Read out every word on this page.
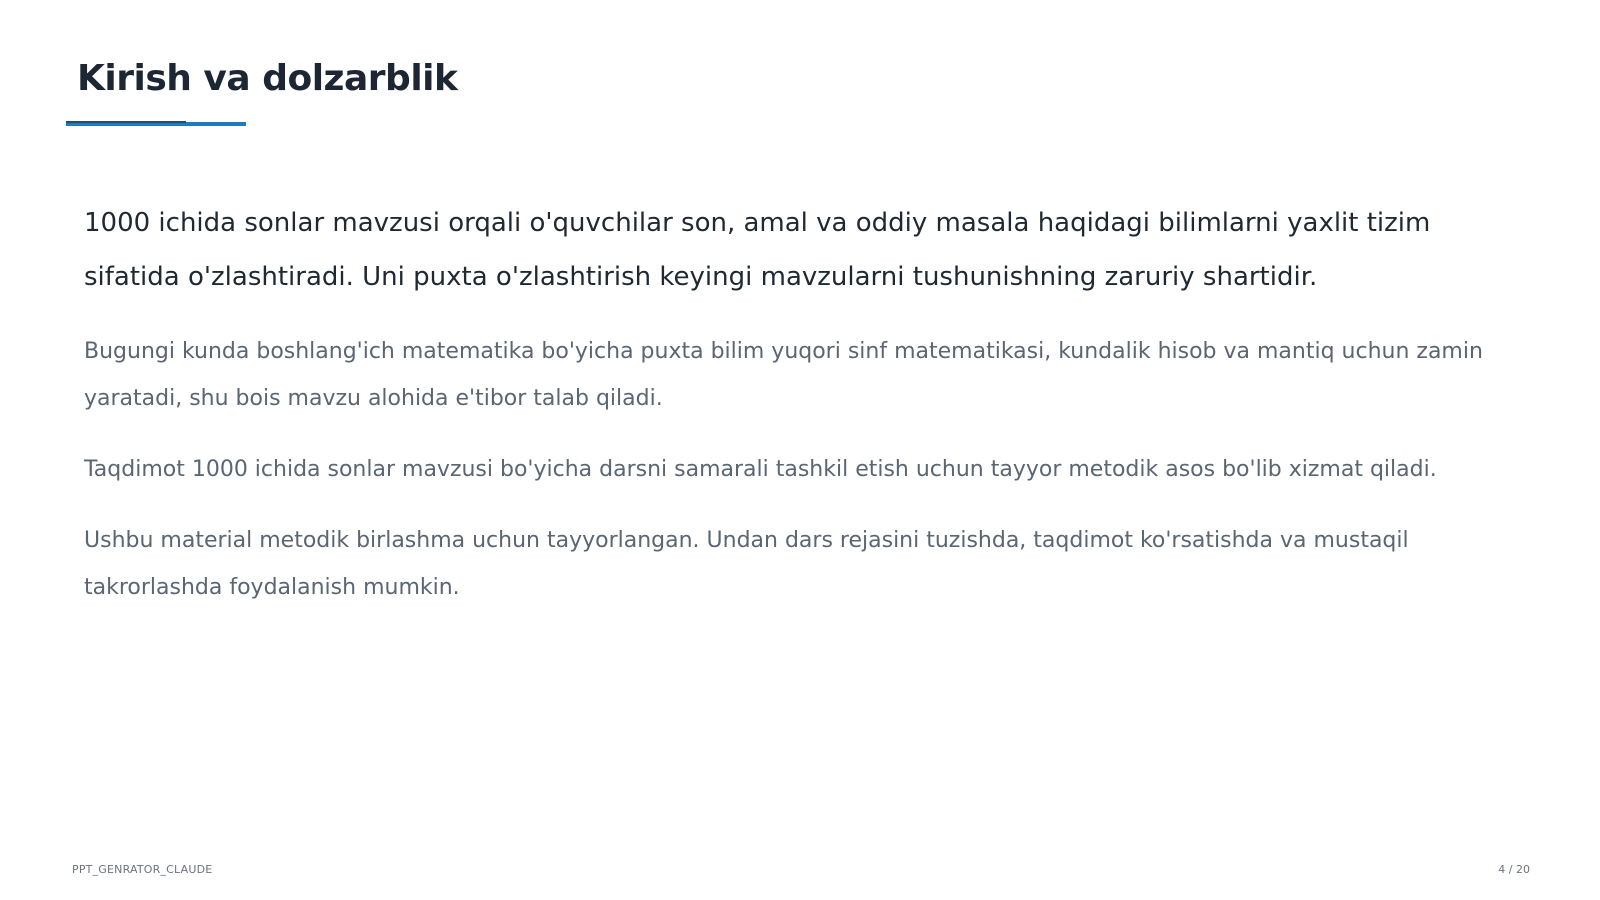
Kirish va dolzarblik

1000 ichida sonlar mavzusi orqali o'quvchilar son, amal va oddiy masala haqidagi bilimlarni yaxlit tizim sifatida o'zlashtiradi. Uni puxta o'zlashtirish keyingi mavzularni tushunishning zaruriy shartidir.

Bugungi kunda boshlang'ich matematika bo'yicha puxta bilim yuqori sinf matematikasi, kundalik hisob va mantiq uchun zamin yaratadi, shu bois mavzu alohida e'tibor talab qiladi.

Taqdimot 1000 ichida sonlar mavzusi bo'yicha darsni samarali tashkil etish uchun tayyor metodik asos bo'lib xizmat qiladi.

Ushbu material metodik birlashma uchun tayyorlangan. Undan dars rejasini tuzishda, taqdimot ko'rsatishda va mustaqil takrorlashda foydalanish mumkin.

PPT_GENRATOR_CLAUDE	4 / 20
